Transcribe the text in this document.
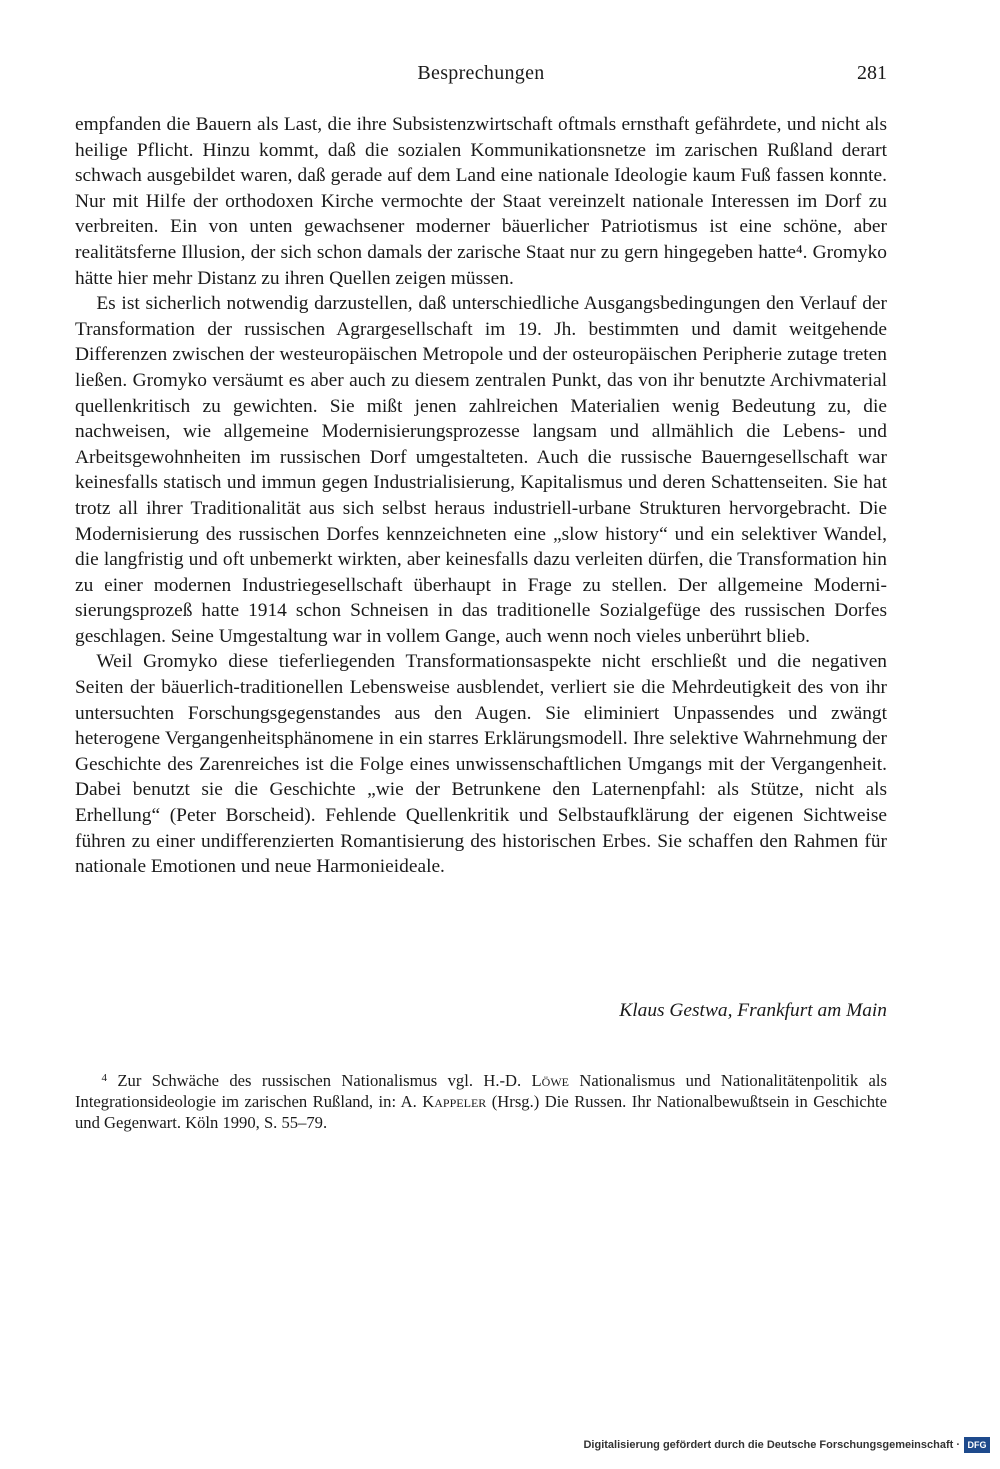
Besprechungen	281

empfanden die Bauern als Last, die ihre Subsistenzwirtschaft oftmals ernsthaft gefährdete, und nicht als heilige Pflicht. Hinzu kommt, daß die sozialen Kommunikationsnetze im zarischen Rußland derart schwach ausgebildet waren, daß gerade auf dem Land eine nationale Ideologie kaum Fuß fassen konnte. Nur mit Hilfe der orthodoxen Kirche vermochte der Staat vereinzelt nationale Interessen im Dorf zu verbreiten. Ein von unten gewachsener moderner bäuerlicher Patriotismus ist eine schöne, aber realitätsferne Illusion, der sich schon damals der zarische Staat nur zu gern hingegeben hatte⁴. Gromyko hätte hier mehr Distanz zu ihren Quellen zeigen müssen.

Es ist sicherlich notwendig darzustellen, daß unterschiedliche Ausgangsbedingungen den Verlauf der Transformation der russischen Agrargesellschaft im 19. Jh. bestimmten und damit weitgehende Differenzen zwischen der westeuropäischen Metropole und der osteuropäischen Peripherie zutage treten ließen. Gromyko versäumt es aber auch zu diesem zentralen Punkt, das von ihr benutzte Archivmaterial quellenkritisch zu gewichten. Sie mißt jenen zahlreichen Materialien wenig Bedeutung zu, die nachweisen, wie allgemeine Modernisierungsprozesse langsam und allmählich die Lebens- und Arbeitsgewohnheiten im russischen Dorf umgestalteten. Auch die russische Bauerngesellschaft war keinesfalls statisch und immun gegen Industrialisierung, Kapitalismus und deren Schattenseiten. Sie hat trotz all ihrer Traditionalität aus sich selbst heraus industriell-urbane Strukturen hervorgebracht. Die Modernisierung des russischen Dorfes kennzeichneten eine „slow history“ und ein selektiver Wandel, die langfristig und oft unbemerkt wirkten, aber keinesfalls dazu verleiten dürfen, die Transformation hin zu einer modernen Industriegesellschaft überhaupt in Frage zu stellen. Der allgemeine Modernisierungsprozeß hatte 1914 schon Schneisen in das traditionelle Sozialgefüge des russischen Dorfes geschlagen. Seine Umgestaltung war in vollem Gange, auch wenn noch vieles unberührt blieb.

Weil Gromyko diese tieferliegenden Transformationsaspekte nicht erschließt und die negativen Seiten der bäuerlich-traditionellen Lebensweise ausblendet, verliert sie die Mehrdeutigkeit des von ihr untersuchten Forschungsgegenstandes aus den Augen. Sie eliminiert Unpassendes und zwängt heterogene Vergangenheitsphänomene in ein starres Erklärungsmodell. Ihre selektive Wahrnehmung der Geschichte des Zarenreiches ist die Folge eines unwissenschaftlichen Umgangs mit der Vergangenheit. Dabei benutzt sie die Geschichte „wie der Betrunkene den Laternenpfahl: als Stütze, nicht als Erhellung“ (Peter Borscheid). Fehlende Quellenkritik und Selbstaufklärung der eigenen Sichtweise führen zu einer undifferenzierten Romantisierung des historischen Erbes. Sie schaffen den Rahmen für nationale Emotionen und neue Harmonieideale.

Klaus Gestwa, Frankfurt am Main
$^4$ Zur Schwäche des russischen Nationalismus vgl. H.-D. Löwe Nationalismus und Nationalitätenpolitik als Integrationsideologie im zarischen Rußland, in: A. Kappeler (Hrsg.) Die Russen. Ihr Nationalbewußtsein in Geschichte und Gegenwart. Köln 1990, S. 55–79.
Digitalisierung gefördert durch die Deutsche Forschungsgemeinschaft · DFG
